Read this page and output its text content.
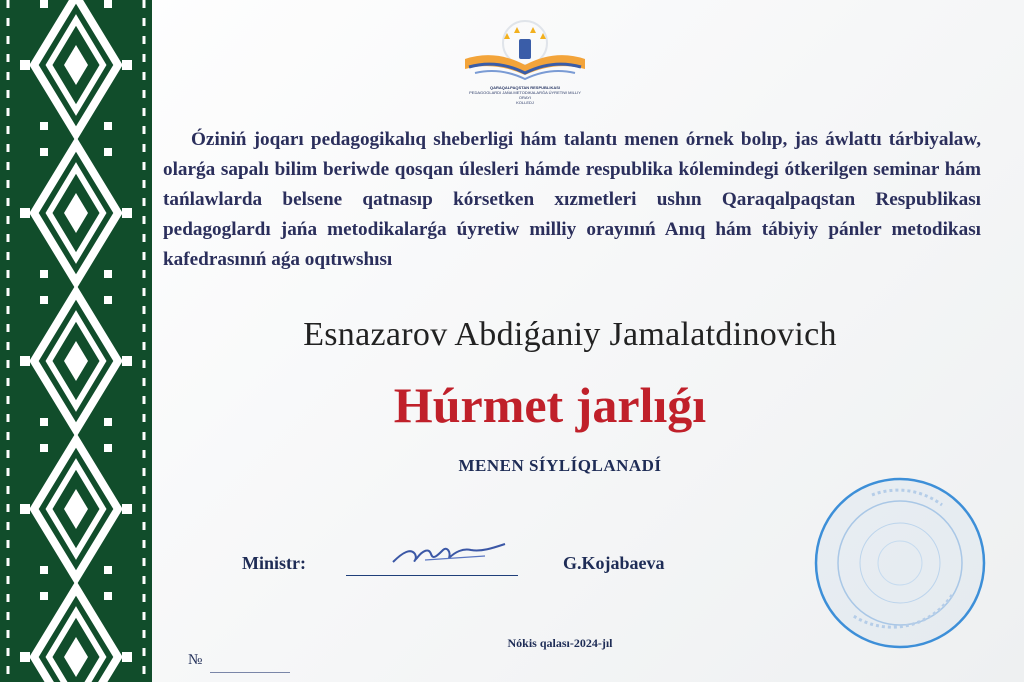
QARAQALPAQSTAN RESPUBLIKASI
PEDAGOGLARDI JAŃA METODIKALARǴA ÚYRETIW MILLIY ORAYI
KOLLEDJ
Óziniń joqarı pedagogikalıq sheberligi hám talantı menen órnek bolıp, jas áwlattı tárbiyalaw, olarǵa sapalı bilim beriwde qosqan úlesleri hámde respublika kólemindegi ótkerilgen seminar hám tańlawlarda belsene qatnasıp kórsetken xızmetleri ushın Qaraqalpaqstan Respublikası pedagoglardı jańa metodikalarǵa úyretiw milliy orayınıń Anıq hám tábiyiy pánler metodikası kafedrasınıń aǵa oqıtıwshısı
Esnazarov Abdiǵaniy Jamalatdinovich
Húrmet jarlıǵı
MENEN SÍYLÍQLANADÍ
Ministr:	G.Kojabaeva
Nókis qalası-2024-jıl
№
